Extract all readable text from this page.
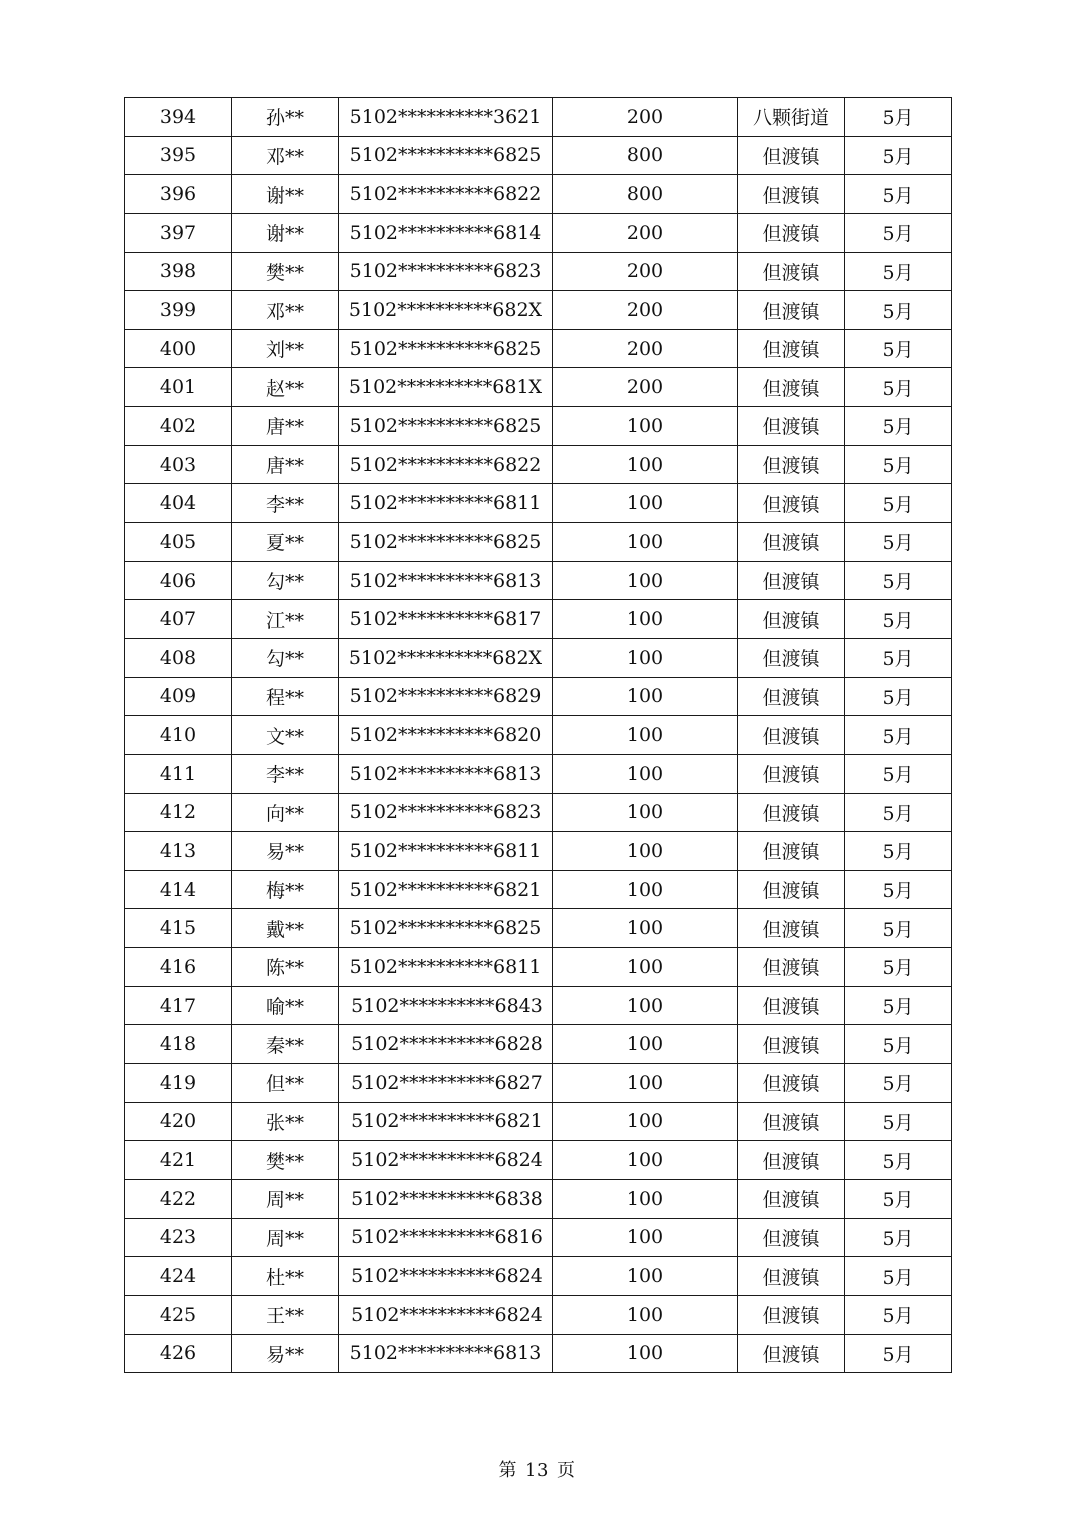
394	孙**	5102**********3621	200	八颗街道	5月
395	邓**	5102**********6825	800	但渡镇	5月
396	谢**	5102**********6822	800	但渡镇	5月
397	谢**	5102**********6814	200	但渡镇	5月
398	樊**	5102**********6823	200	但渡镇	5月
399	邓**	5102**********682X	200	但渡镇	5月
400	刘**	5102**********6825	200	但渡镇	5月
401	赵**	5102**********681X	200	但渡镇	5月
402	唐**	5102**********6825	100	但渡镇	5月
403	唐**	5102**********6822	100	但渡镇	5月
404	李**	5102**********6811	100	但渡镇	5月
405	夏**	5102**********6825	100	但渡镇	5月
406	勾**	5102**********6813	100	但渡镇	5月
407	江**	5102**********6817	100	但渡镇	5月
408	勾**	5102**********682X	100	但渡镇	5月
409	程**	5102**********6829	100	但渡镇	5月
410	文**	5102**********6820	100	但渡镇	5月
411	李**	5102**********6813	100	但渡镇	5月
412	向**	5102**********6823	100	但渡镇	5月
413	易**	5102**********6811	100	但渡镇	5月
414	梅**	5102**********6821	100	但渡镇	5月
415	戴**	5102**********6825	100	但渡镇	5月
416	陈**	5102**********6811	100	但渡镇	5月
417	喻**	5102**********6843	100	但渡镇	5月
418	秦**	5102**********6828	100	但渡镇	5月
419	但**	5102**********6827	100	但渡镇	5月
420	张**	5102**********6821	100	但渡镇	5月
421	樊**	5102**********6824	100	但渡镇	5月
422	周**	5102**********6838	100	但渡镇	5月
423	周**	5102**********6816	100	但渡镇	5月
424	杜**	5102**********6824	100	但渡镇	5月
425	王**	5102**********6824	100	但渡镇	5月
426	易**	5102**********6813	100	但渡镇	5月
第 13 页
